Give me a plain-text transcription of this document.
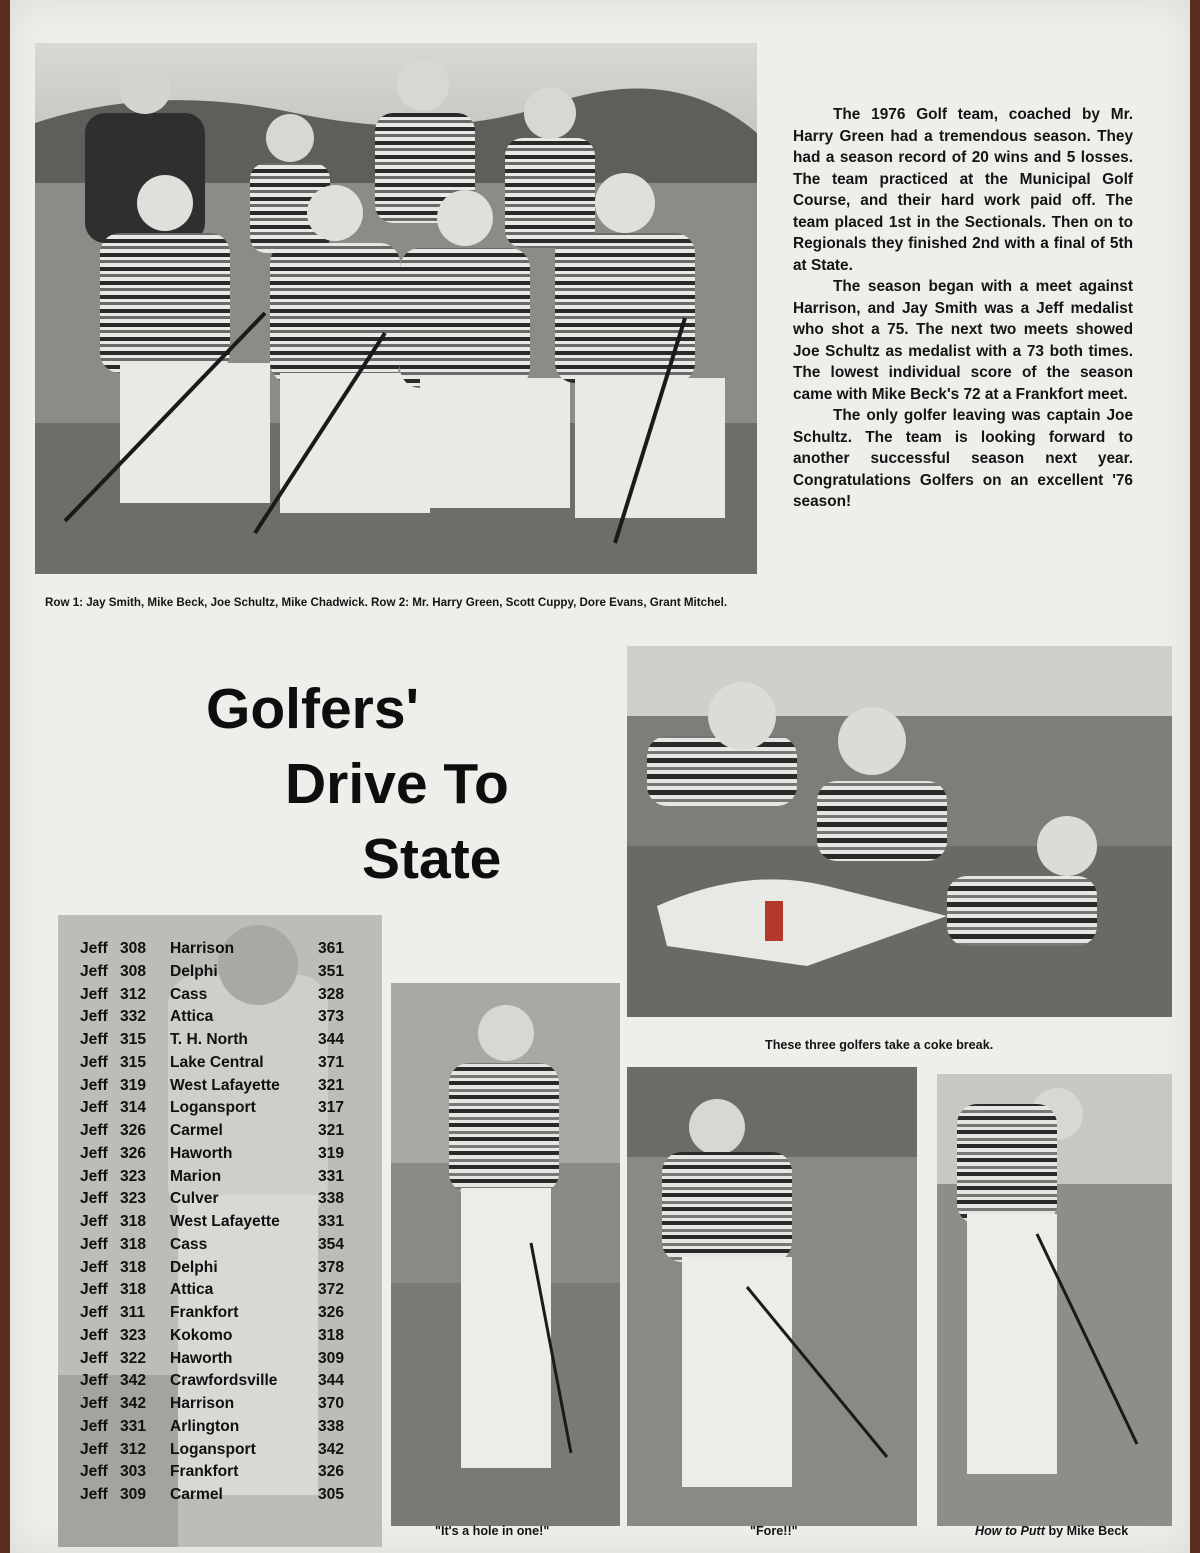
The 1976 Golf team, coached by Mr. Harry Green had a tremendous season. They had a season record of 20 wins and 5 losses. The team practiced at the Municipal Golf Course, and their hard work paid off. The team placed 1st in the Sectionals. Then on to Regionals they finished 2nd with a final of 5th at State.

The season began with a meet against Harrison, and Jay Smith was a Jeff medalist who shot a 75. The next two meets showed Joe Schultz as medalist with a 73 both times. The lowest individual score of the season came with Mike Beck's 72 at a Frankfort meet.

The only golfer leaving was captain Joe Schultz. The team is looking forward to another successful season next year. Congratulations Golfers on an excellent '76 season!

Row 1: Jay Smith, Mike Beck, Joe Schultz, Mike Chadwick. Row 2: Mr. Harry Green, Scott Cuppy, Dore Evans, Grant Mitchel.
Golfers'
Drive To
State
These three golfers take a coke break.
Jeff 308 Harrison	361
Jeff 308 Delphi	351
Jeff 312 Cass	328
Jeff 332 Attica	373
Jeff 315 T. H. North	344
Jeff 315 Lake Central	371
Jeff 319 West Lafayette 321
Jeff 314 Logansport	317
Jeff 326 Carmel	321
Jeff 326 Haworth	319
Jeff 323 Marion	331
Jeff 323 Culver	338
Jeff 318 West Lafayette 331
Jeff 318 Cass	354
Jeff 318 Delphi	378
Jeff 318 Attica	372
Jeff 311 Frankfort	326
Jeff 323 Kokomo	318
Jeff 322 Haworth	309
Jeff 342 Crawfordsville	344
Jeff 342 Harrison	370
Jeff 331 Arlington	338
Jeff 312 Logansport	342
Jeff 303 Frankfort	326
Jeff 309 Carmel	305
"It's a hole in one!"	"Fore!!"	How to Putt by Mike Beck
